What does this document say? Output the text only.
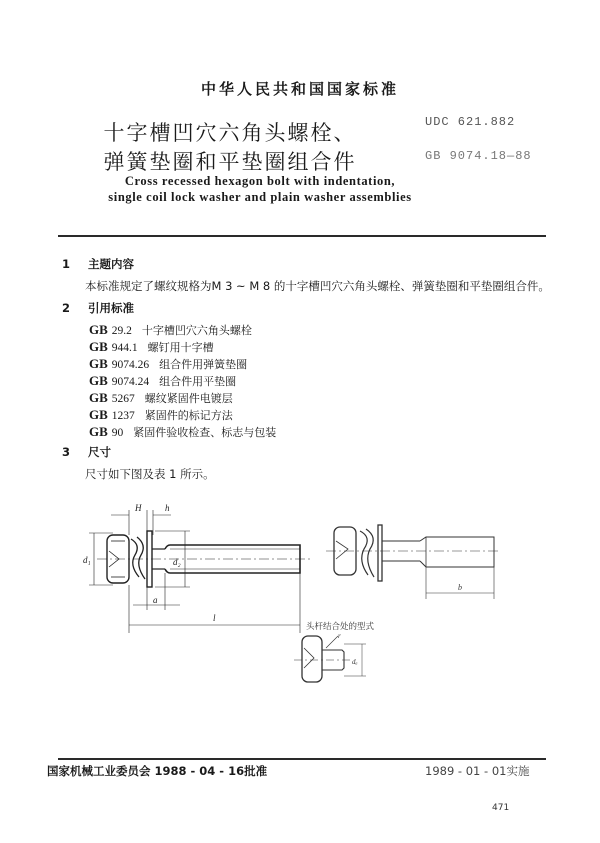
中华人民共和国国家标准
十字槽凹穴六角头螺栓、
弹簧垫圈和平垫圈组合件
UDC 621.882
GB 9074.18—88
Cross recessed hexagon bolt with indentation,
single coil lock washer and plain washer assemblies
1 主题内容
本标准规定了螺纹规格为M 3 ~ M 8 的十字槽凹穴六角头螺栓、弹簧垫圈和平垫圈组合件。
2 引用标准
GB 29.2 十字槽凹穴六角头螺栓
GB 944.1 螺钉用十字槽
GB 9074.26 组合件用弹簧垫圈
GB 9074.24 组合件用平垫圈
GB 5267 螺纹紧固件电镀层
GB 1237 紧固件的标记方法
GB 90 紧固件验收检查、标志与包装
3 尺寸
尺寸如下图及表 1 所示。
H	h
d₁	d₂
a
l
b
头杆结合处的型式
r
dₐ
国家机械工业委员会 1988 - 04 - 16批准	1989 - 01 - 01实施
471
